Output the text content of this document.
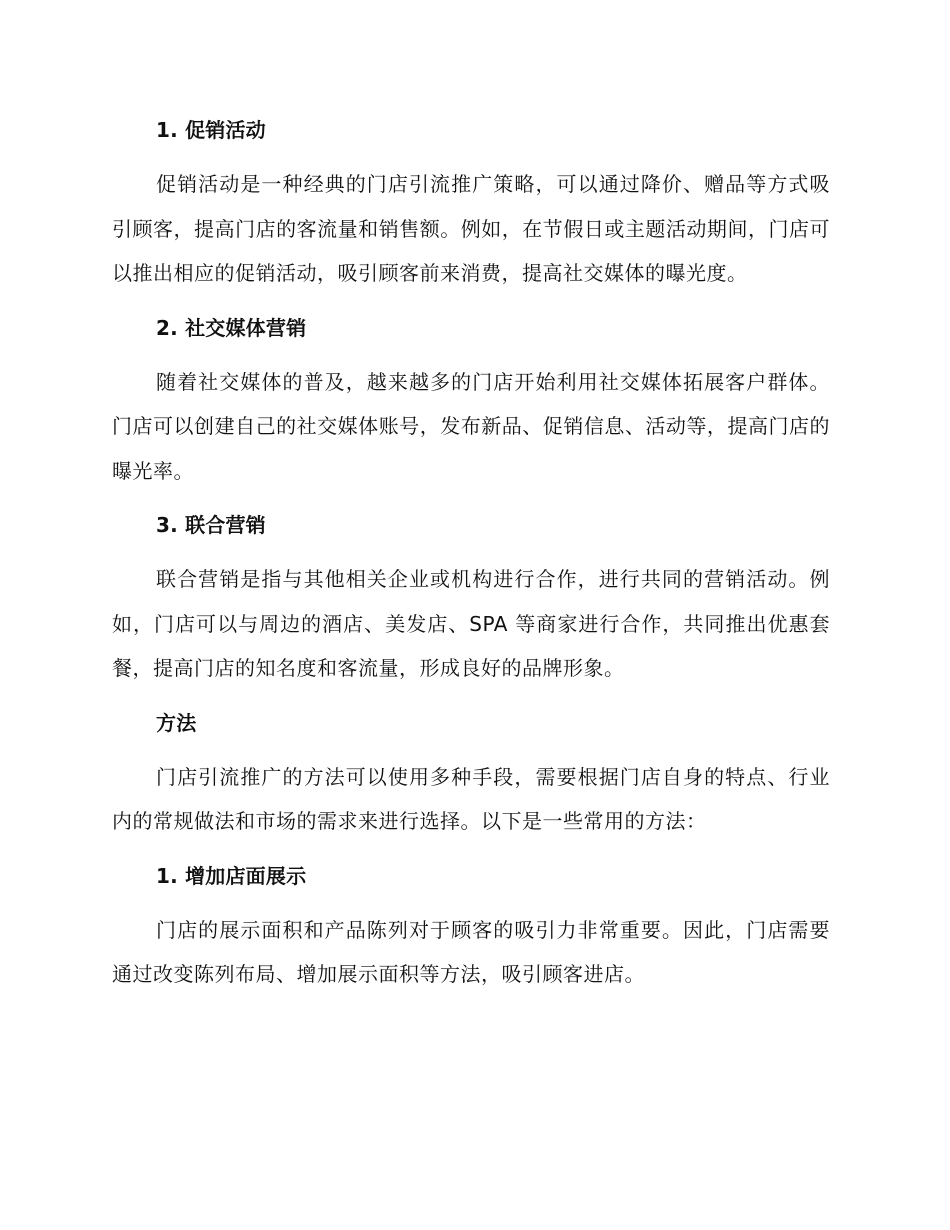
1. 促销活动

促销活动是一种经典的门店引流推广策略，可以通过降价、赠品等方式吸引顾客，提高门店的客流量和销售额。例如，在节假日或主题活动期间，门店可以推出相应的促销活动，吸引顾客前来消费，提高社交媒体的曝光度。

2. 社交媒体营销

随着社交媒体的普及，越来越多的门店开始利用社交媒体拓展客户群体。门店可以创建自己的社交媒体账号，发布新品、促销信息、活动等，提高门店的曝光率。

3. 联合营销

联合营销是指与其他相关企业或机构进行合作，进行共同的营销活动。例如，门店可以与周边的酒店、美发店、SPA 等商家进行合作，共同推出优惠套餐，提高门店的知名度和客流量，形成良好的品牌形象。

方法

门店引流推广的方法可以使用多种手段，需要根据门店自身的特点、行业内的常规做法和市场的需求来进行选择。以下是一些常用的方法：

1. 增加店面展示

门店的展示面积和产品陈列对于顾客的吸引力非常重要。因此，门店需要通过改变陈列布局、增加展示面积等方法，吸引顾客进店。
